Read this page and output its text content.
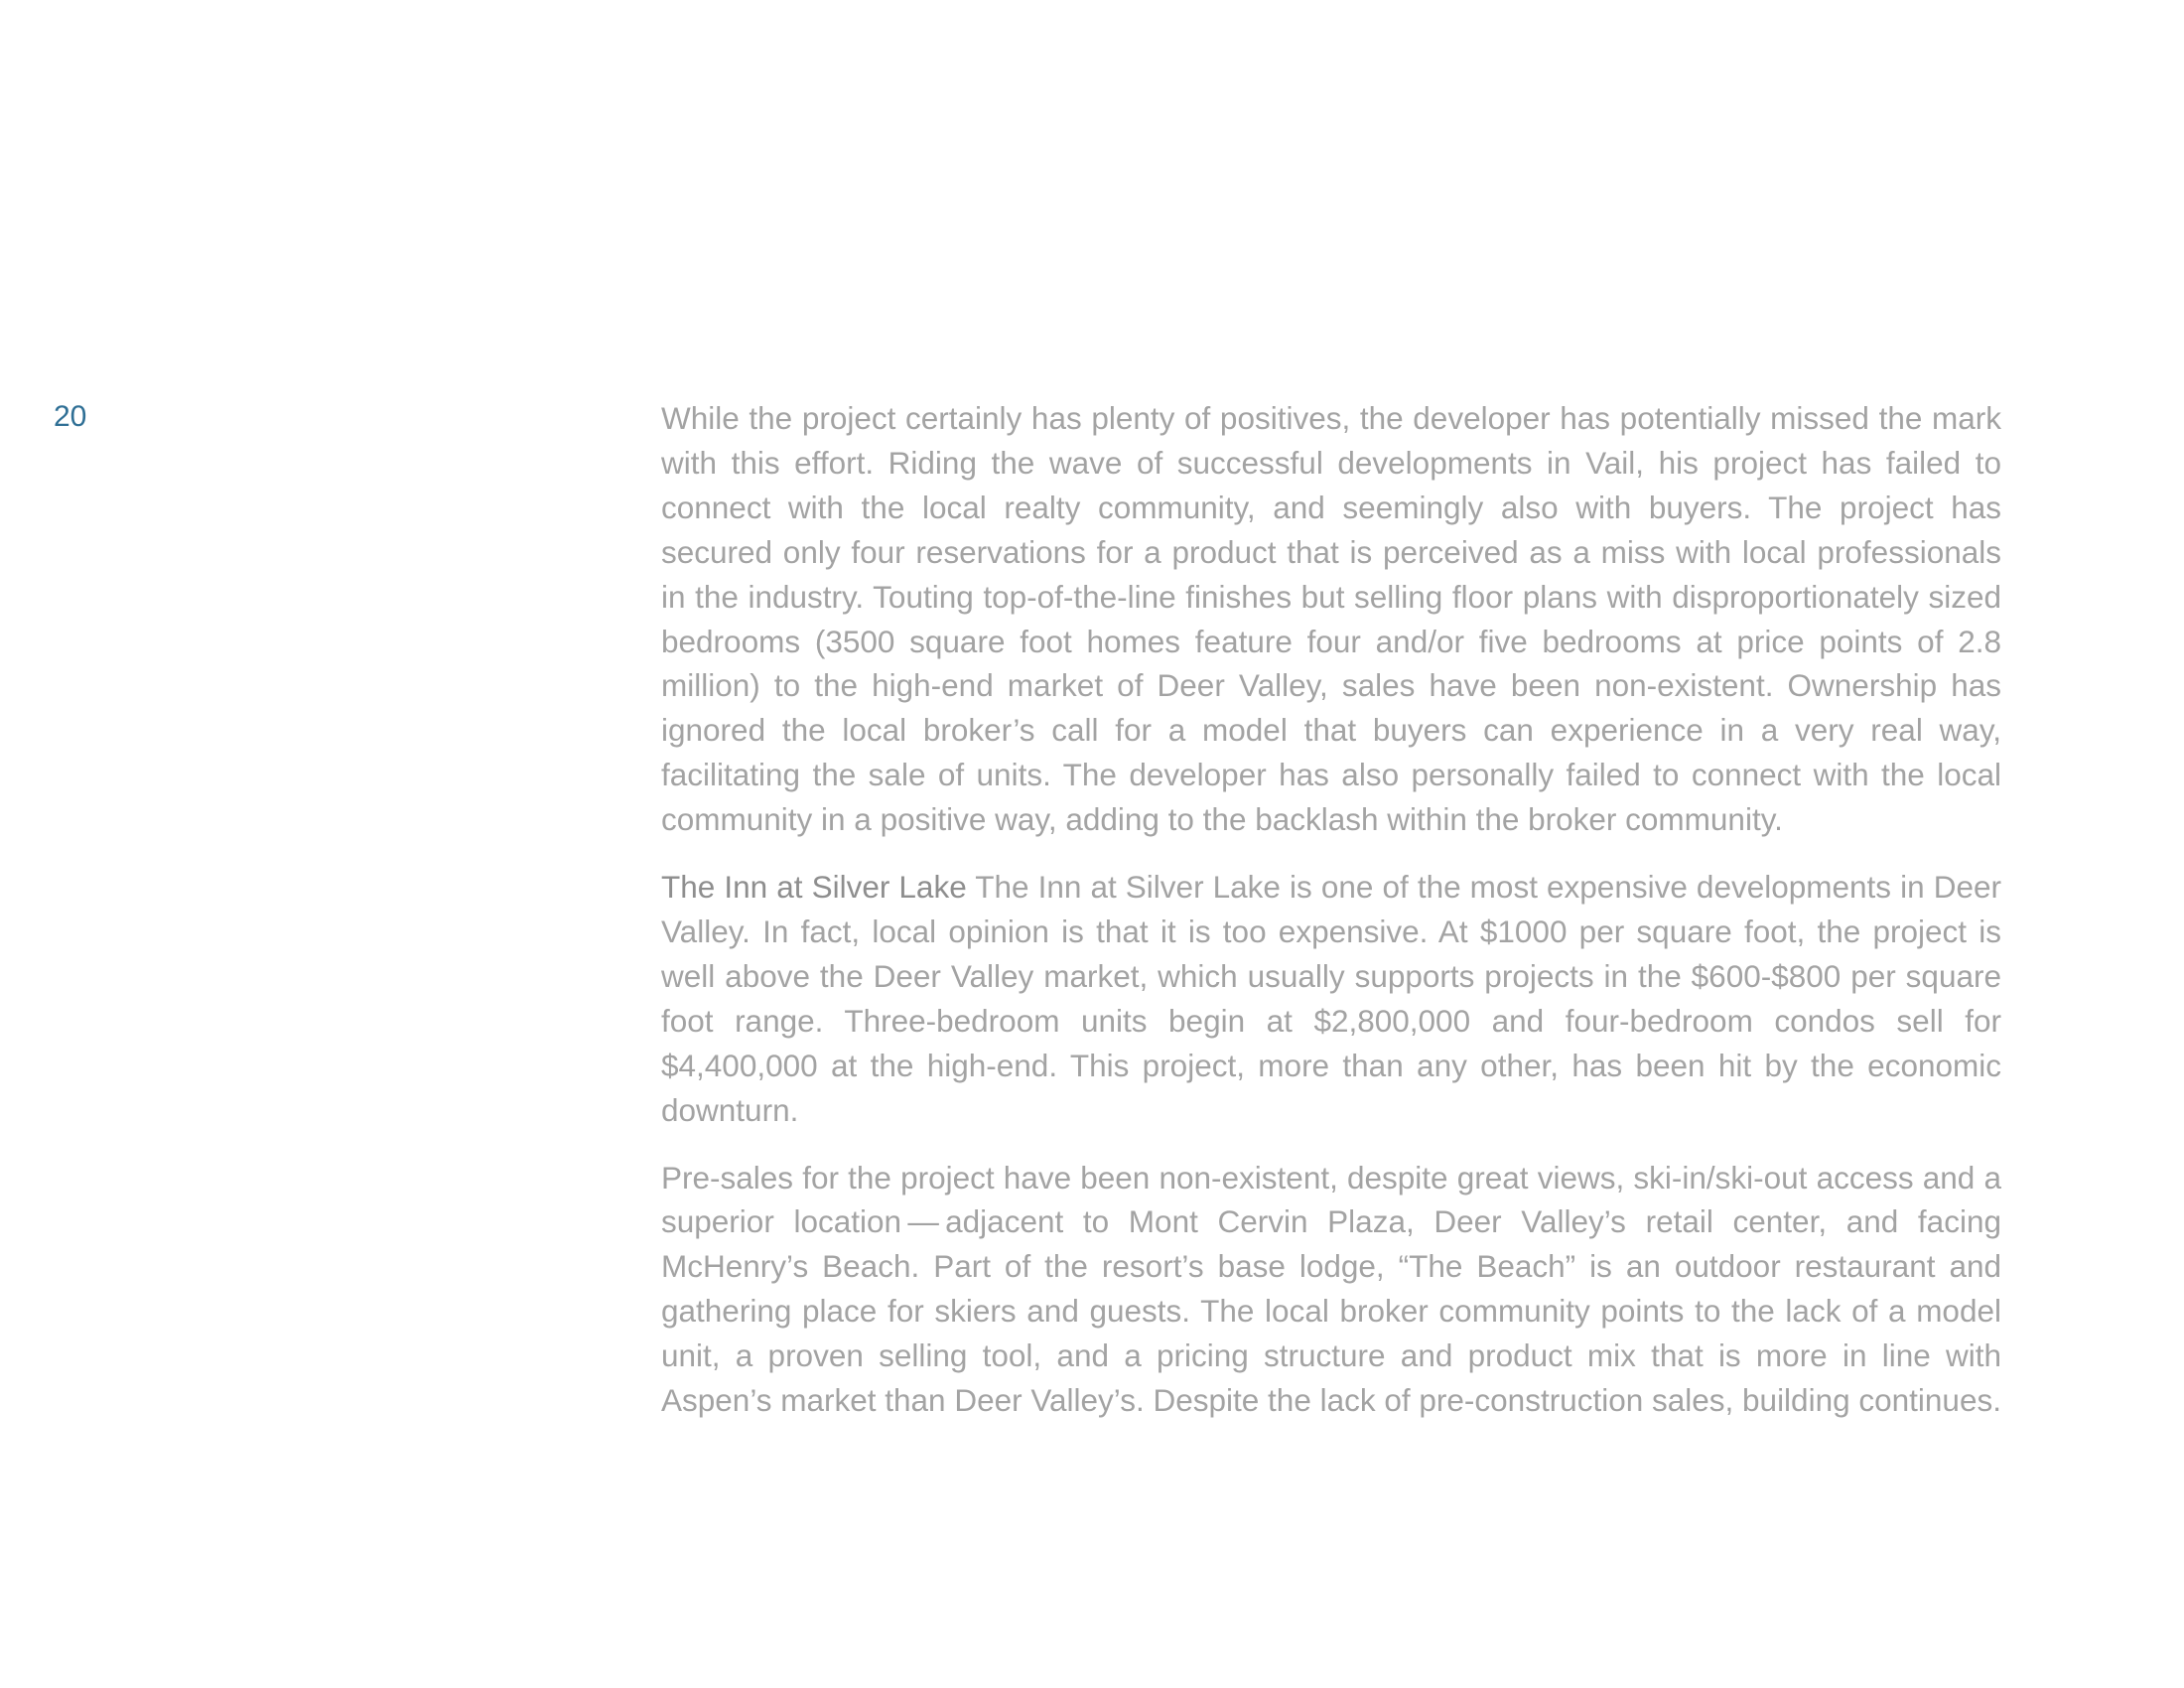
20	While the project certainly has plenty of positives, the developer has potentially missed the mark with this effort. Riding the wave of successful developments in Vail, his project has failed to connect with the local realty community, and seemingly also with buyers. The project has secured only four reservations for a product that is perceived as a miss with local professionals in the industry. Touting top-of-the-line finishes but selling floor plans with disproportionately sized bedrooms (3500 square foot homes feature four and/or five bedrooms at price points of 2.8 million) to the high-end market of Deer Valley, sales have been non-existent. Ownership has ignored the local broker’s call for a model that buyers can experience in a very real way, facilitating the sale of units. The developer has also personally failed to connect with the local community in a positive way, adding to the backlash within the broker community.

The Inn at Silver Lake The Inn at Silver Lake is one of the most expensive developments in Deer Valley. In fact, local opinion is that it is too expensive. At $1000 per square foot, the project is well above the Deer Valley market, which usually supports projects in the $600-$800 per square foot range. Three-bedroom units begin at $2,800,000 and four-bedroom condos sell for $4,400,000 at the high-end. This project, more than any other, has been hit by the economic downturn.

Pre-sales for the project have been non-existent, despite great views, ski-in/ski-out access and a superior location — adjacent to Mont Cervin Plaza, Deer Valley’s retail center, and facing McHenry’s Beach. Part of the resort’s base lodge, “The Beach” is an outdoor restaurant and gathering place for skiers and guests. The local broker community points to the lack of a model unit, a proven selling tool, and a pricing structure and product mix that is more in line with Aspen’s market than Deer Valley’s. Despite the lack of pre-construction sales, building continues.
